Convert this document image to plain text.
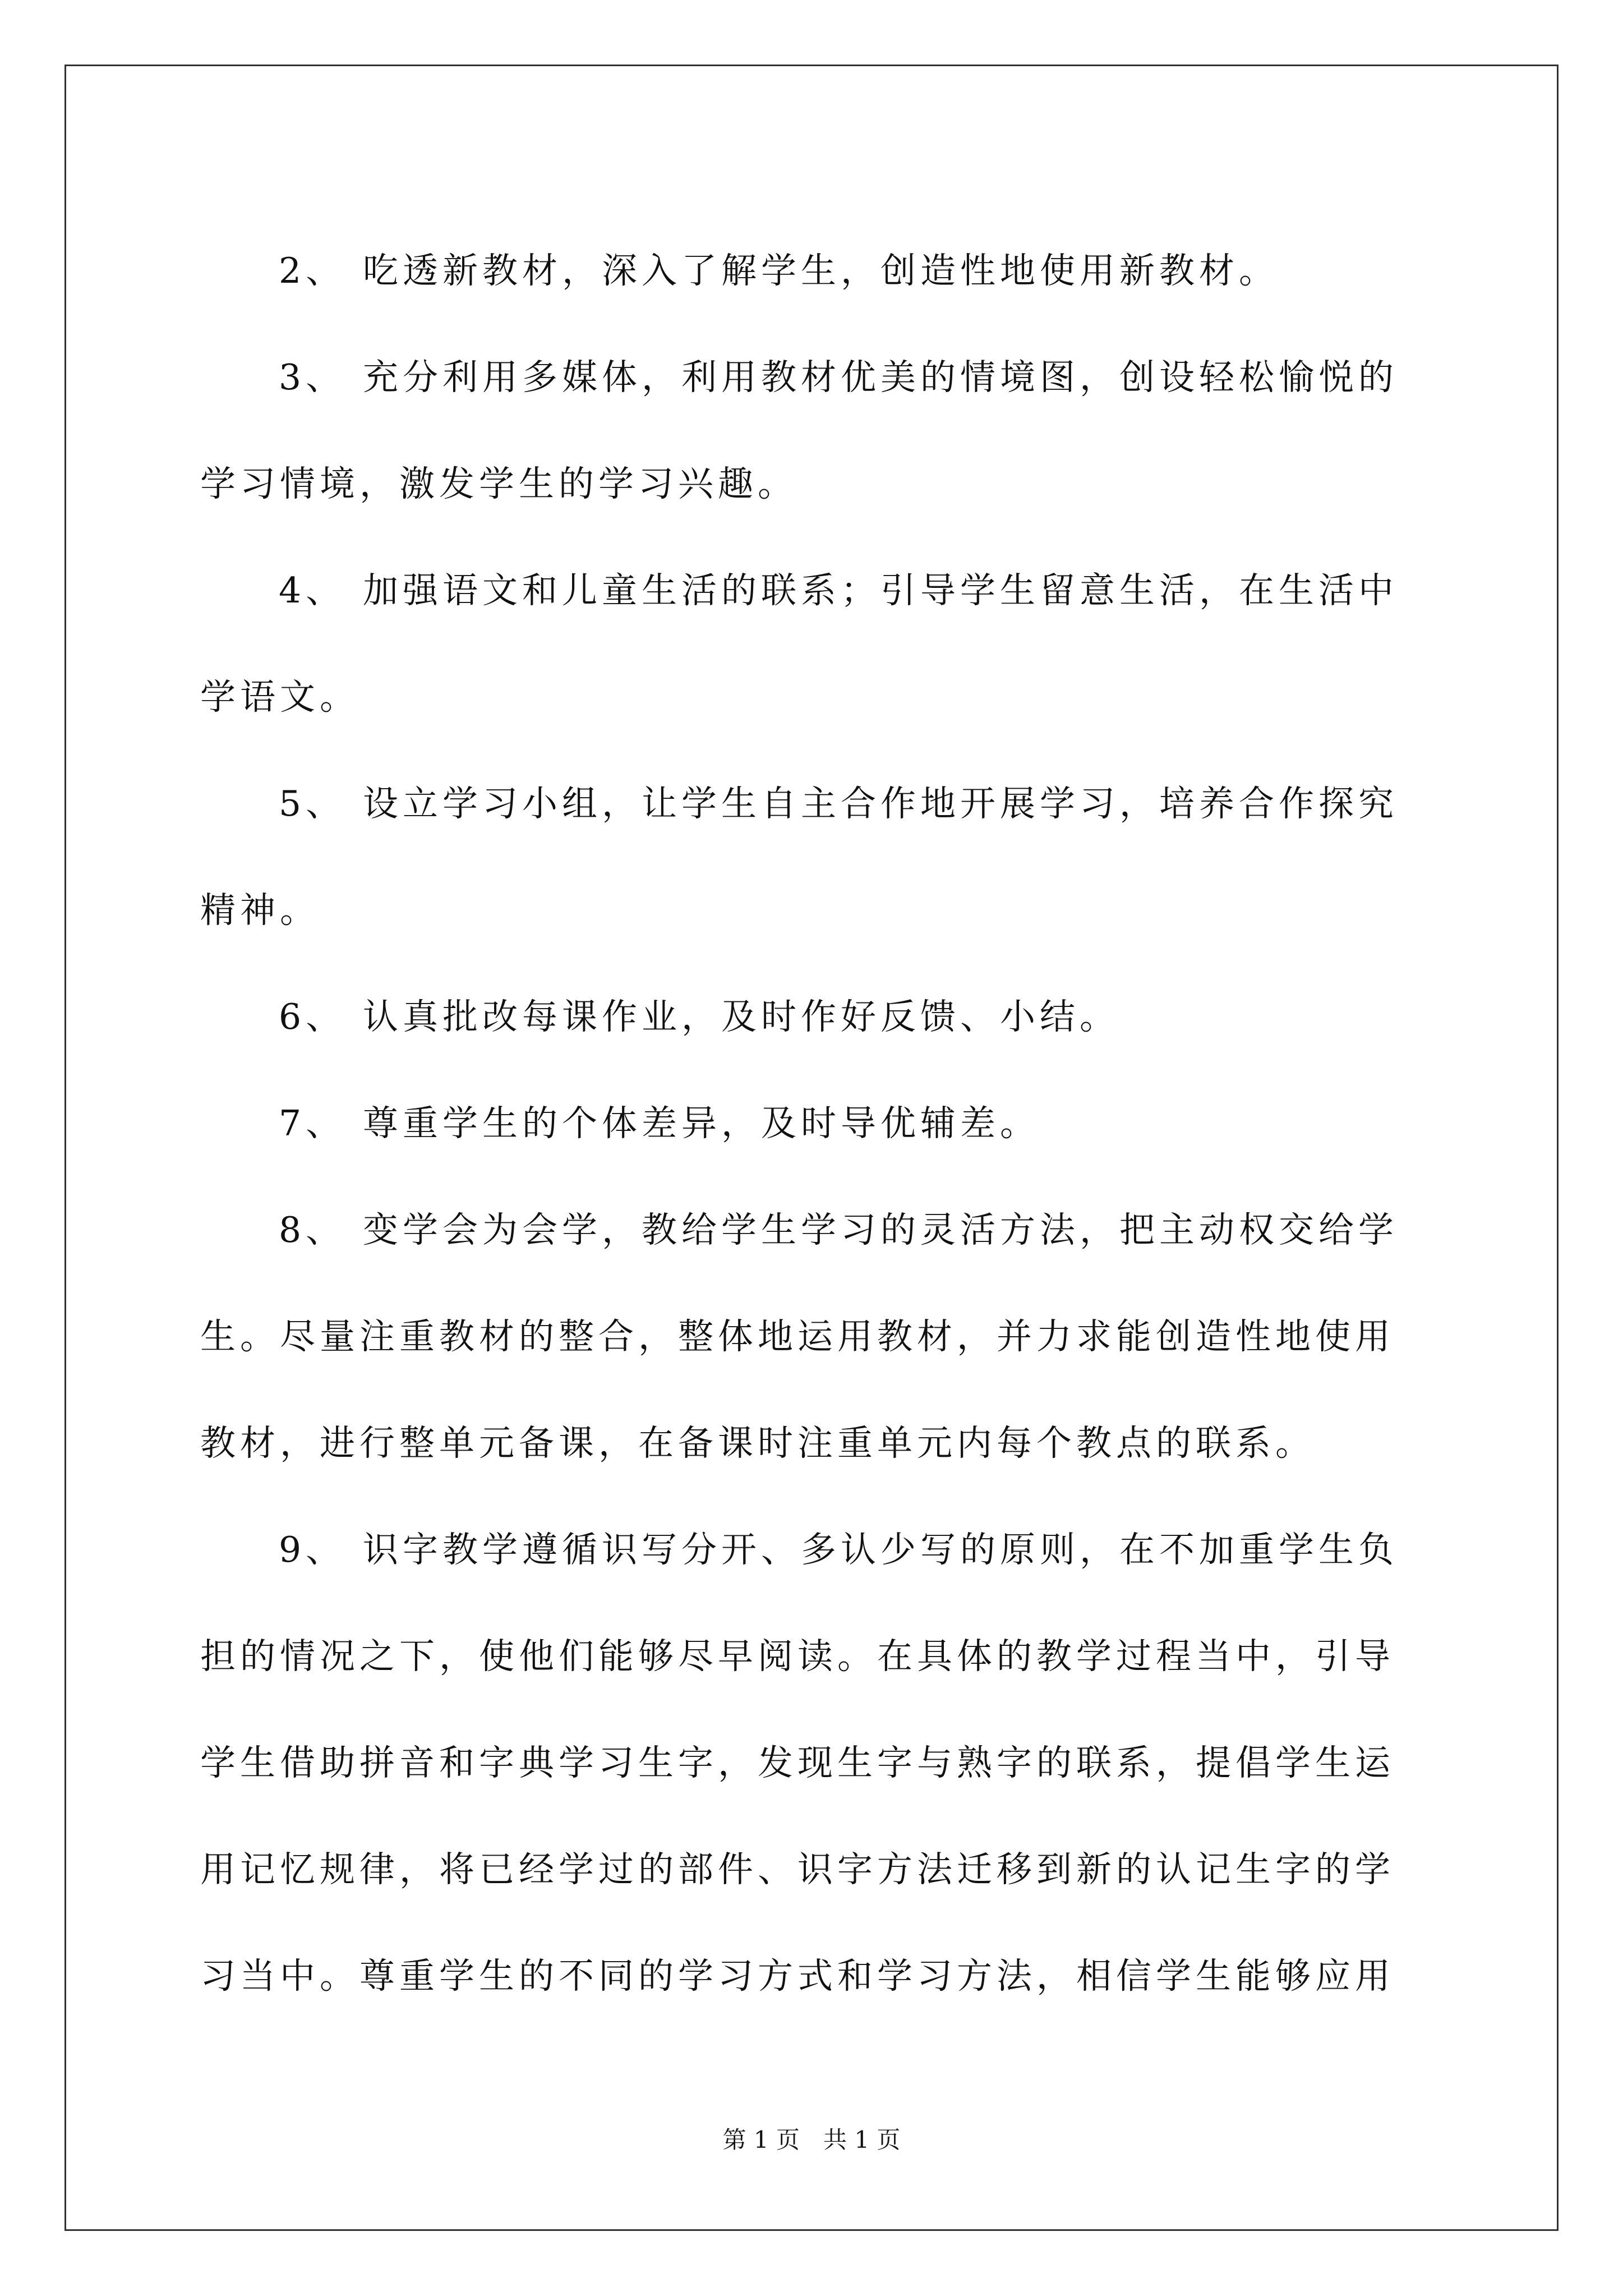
2、 吃透新教材，深入了解学生，创造性地使用新教材。

3、 充分利用多媒体，利用教材优美的情境图，创设轻松愉悦的
学习情境，激发学生的学习兴趣。

4、 加强语文和儿童生活的联系；引导学生留意生活，在生活中
学语文。

5、 设立学习小组，让学生自主合作地开展学习，培养合作探究
精神。

6、 认真批改每课作业，及时作好反馈、小结。

7、 尊重学生的个体差异，及时导优辅差。

8、 变学会为会学，教给学生学习的灵活方法，把主动权交给学
生。尽量注重教材的整合，整体地运用教材，并力求能创造性地使用
教材，进行整单元备课，在备课时注重单元内每个教点的联系。

9、 识字教学遵循识写分开、多认少写的原则，在不加重学生负
担的情况之下，使他们能够尽早阅读。在具体的教学过程当中，引导
学生借助拼音和字典学习生字，发现生字与熟字的联系，提倡学生运
用记忆规律，将已经学过的部件、识字方法迁移到新的认记生字的学
习当中。尊重学生的不同的学习方式和学习方法，相信学生能够应用

第 1 页　共 1 页
